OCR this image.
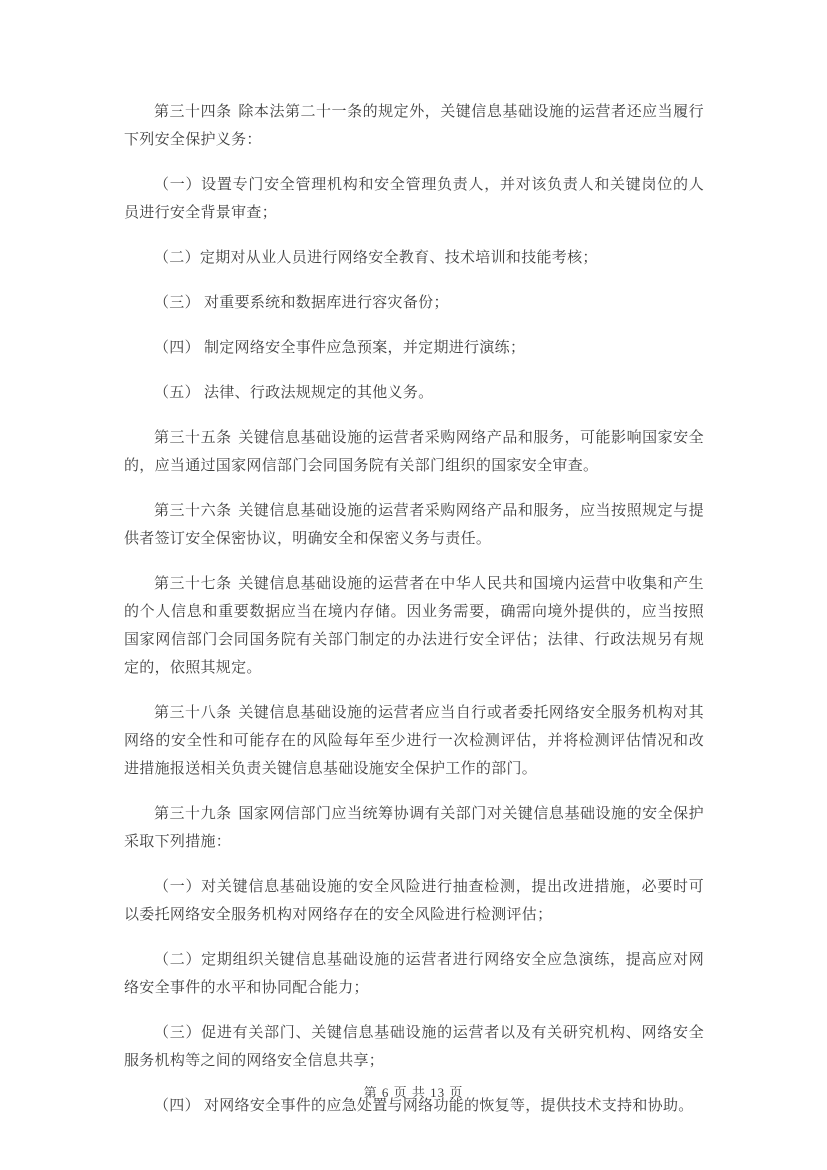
第三十四条 除本法第二十一条的规定外，关键信息基础设施的运营者还应当履行下列安全保护义务：

（一）设置专门安全管理机构和安全管理负责人，并对该负责人和关键岗位的人员进行安全背景审查；

（二）定期对从业人员进行网络安全教育、技术培训和技能考核；

（三） 对重要系统和数据库进行容灾备份；

（四） 制定网络安全事件应急预案，并定期进行演练；

（五） 法律、行政法规规定的其他义务。

第三十五条 关键信息基础设施的运营者采购网络产品和服务，可能影响国家安全的，应当通过国家网信部门会同国务院有关部门组织的国家安全审查。

第三十六条 关键信息基础设施的运营者采购网络产品和服务，应当按照规定与提供者签订安全保密协议，明确安全和保密义务与责任。

第三十七条 关键信息基础设施的运营者在中华人民共和国境内运营中收集和产生的个人信息和重要数据应当在境内存储。因业务需要，确需向境外提供的，应当按照国家网信部门会同国务院有关部门制定的办法进行安全评估；法律、行政法规另有规定的，依照其规定。

第三十八条 关键信息基础设施的运营者应当自行或者委托网络安全服务机构对其网络的安全性和可能存在的风险每年至少进行一次检测评估，并将检测评估情况和改进措施报送相关负责关键信息基础设施安全保护工作的部门。

第三十九条 国家网信部门应当统筹协调有关部门对关键信息基础设施的安全保护采取下列措施：

（一）对关键信息基础设施的安全风险进行抽查检测，提出改进措施，必要时可以委托网络安全服务机构对网络存在的安全风险进行检测评估；

（二）定期组织关键信息基础设施的运营者进行网络安全应急演练，提高应对网络安全事件的水平和协同配合能力；

（三）促进有关部门、关键信息基础设施的运营者以及有关研究机构、网络安全服务机构等之间的网络安全信息共享；

（四） 对网络安全事件的应急处置与网络功能的恢复等，提供技术支持和协助。

第 6 页 共 13 页
